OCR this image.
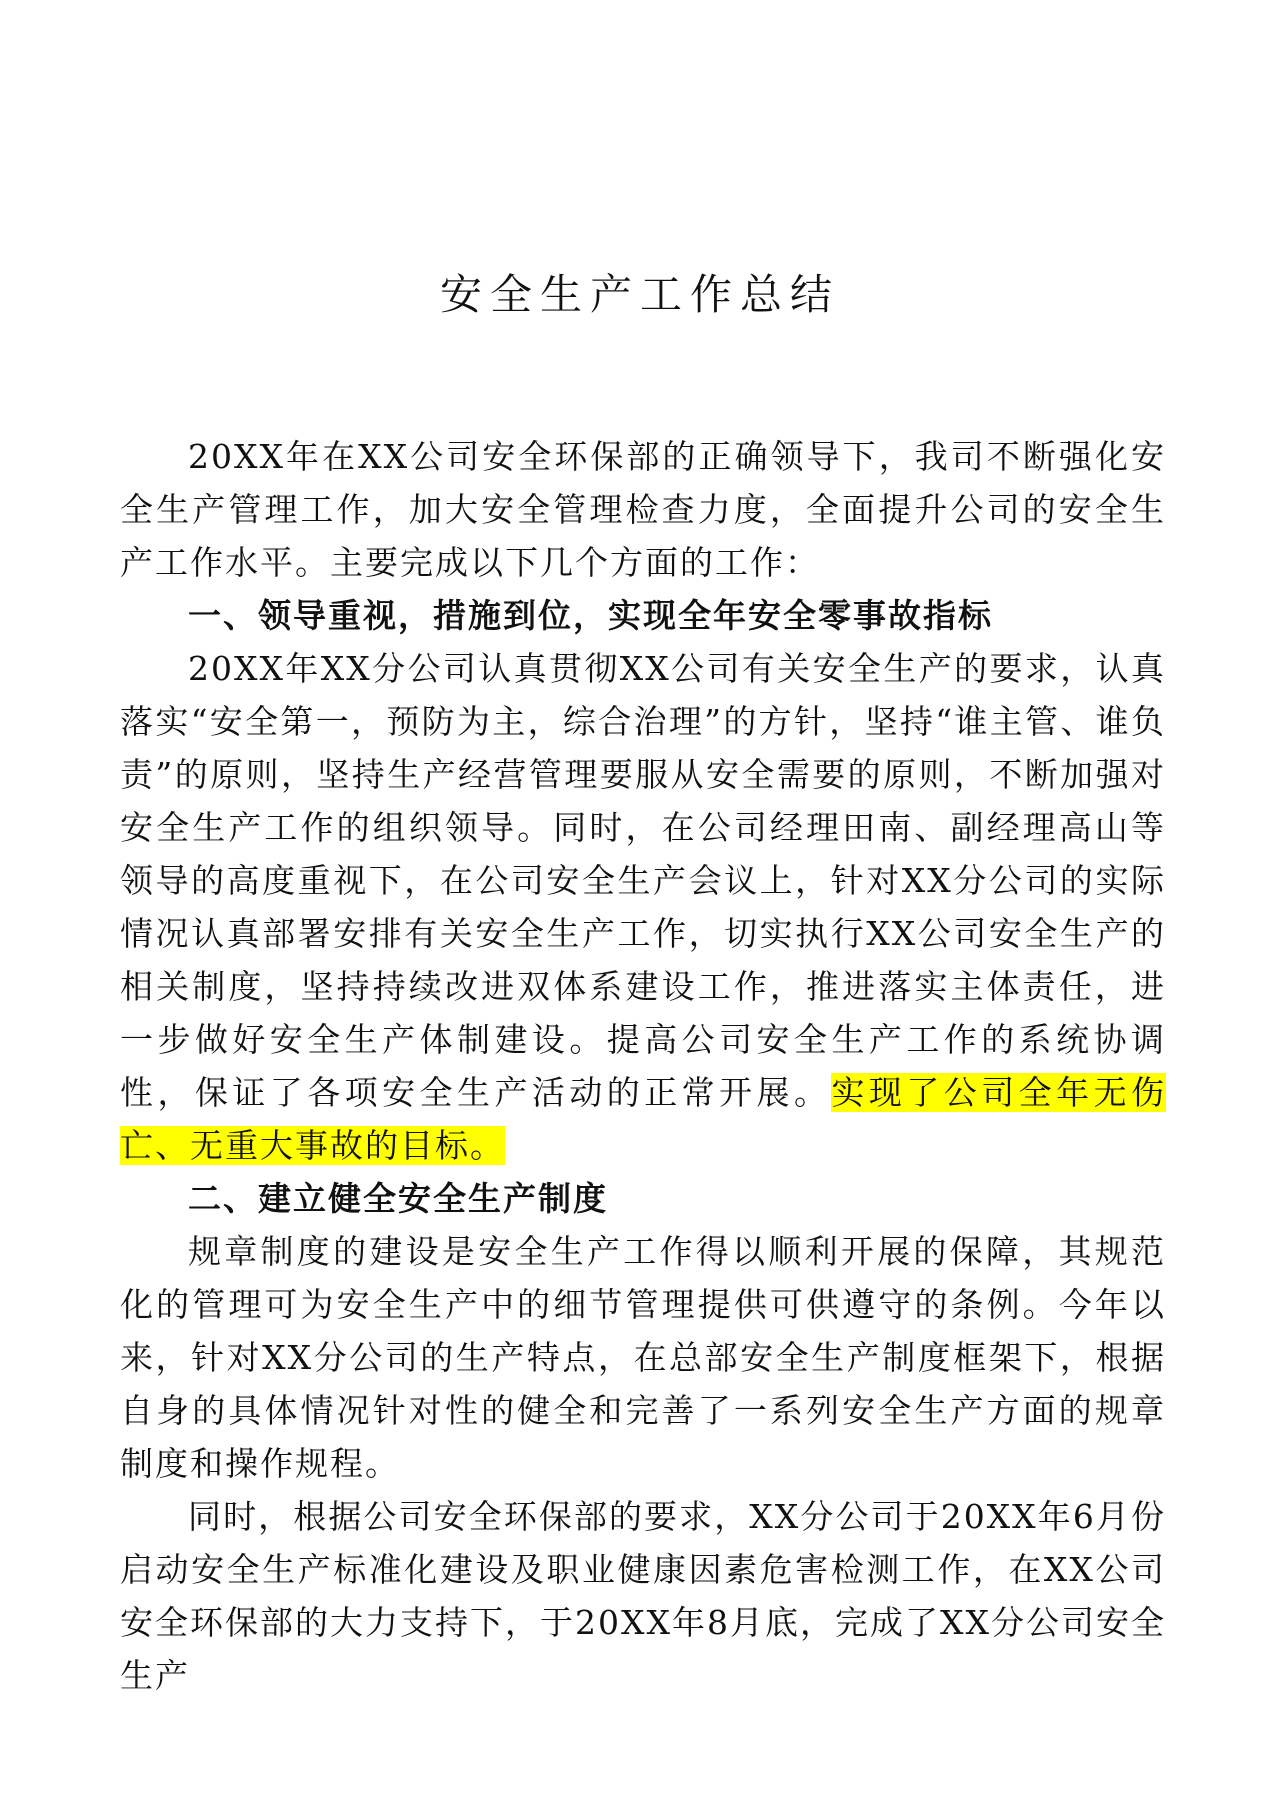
安全生产工作总结

20XX年在XX公司安全环保部的正确领导下，我司不断强化安全生产管理工作，加大安全管理检查力度，全面提升公司的安全生产工作水平。主要完成以下几个方面的工作：

一、领导重视，措施到位，实现全年安全零事故指标

20XX年XX分公司认真贯彻XX公司有关安全生产的要求，认真落实“安全第一，预防为主，综合治理”的方针，坚持“谁主管、谁负责”的原则，坚持生产经营管理要服从安全需要的原则，不断加强对安全生产工作的组织领导。同时，在公司经理田南、副经理高山等领导的高度重视下，在公司安全生产会议上，针对XX分公司的实际情况认真部署安排有关安全生产工作，切实执行XX公司安全生产的相关制度，坚持持续改进双体系建设工作，推进落实主体责任，进一步做好安全生产体制建设。提高公司安全生产工作的系统协调性，保证了各项安全生产活动的正常开展。实现了公司全年无伤亡、无重大事故的目标。

二、建立健全安全生产制度

规章制度的建设是安全生产工作得以顺利开展的保障，其规范化的管理可为安全生产中的细节管理提供可供遵守的条例。今年以来，针对XX分公司的生产特点，在总部安全生产制度框架下，根据自身的具体情况针对性的健全和完善了一系列安全生产方面的规章制度和操作规程。

同时，根据公司安全环保部的要求，XX分公司于20XX年6月份启动安全生产标准化建设及职业健康因素危害检测工作，在XX公司安全环保部的大力支持下，于20XX年8月底，完成了XX分公司安全生产
